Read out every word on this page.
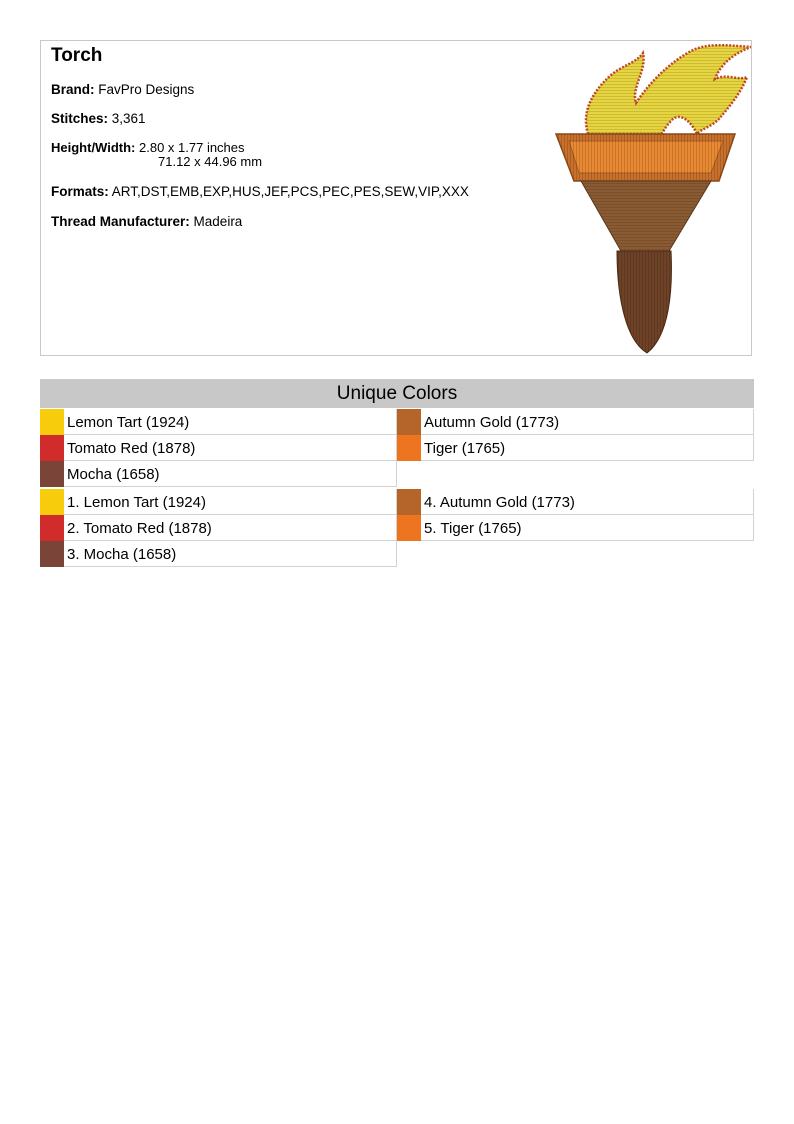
Torch
Brand: FavPro Designs
Stitches: 3,361
Height/Width: 2.80 x 1.77 inches
71.12 x 44.96 mm
Formats: ART,DST,EMB,EXP,HUS,JEF,PCS,PEC,PES,SEW,VIP,XXX
Thread Manufacturer: Madeira
Unique Colors
Lemon Tart (1924)
Tomato Red (1878)
Mocha (1658)
Autumn Gold (1773)
Tiger (1765)
1. Lemon Tart (1924)
2. Tomato Red (1878)
3. Mocha (1658)
4. Autumn Gold (1773)
5. Tiger (1765)
